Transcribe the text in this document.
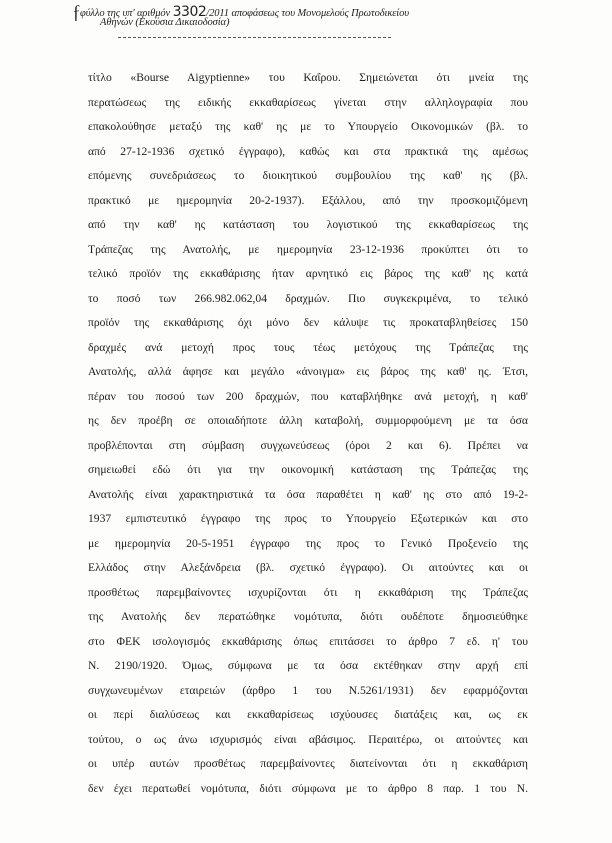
ƒ
φύλλο της υπ' αριθμόν 3302/2011 αποφάσεως του Μονομελούς Πρωτοδικείου
Αθηνών (Εκούσια Δικαιοδοσία)
τίτλο «Bourse Aigyptienne» του Καΐρου. Σημειώνεται ότι μνεία της
περατώσεως της ειδικής εκκαθαρίσεως γίνεται στην αλληλογραφία που
επακολούθησε μεταξύ της καθ' ης με το Υπουργείο Οικονομικών (βλ. το
από 27-12-1936 σχετικό έγγραφο), καθώς και στα πρακτικά της αμέσως
επόμενης συνεδριάσεως το διοικητικού συμβουλίου της καθ' ης (βλ.
πρακτικό με ημερομηνία 20-2-1937). Εξάλλου, από την προσκομιζόμενη
από την καθ' ης κατάσταση του λογιστικού της εκκαθαρίσεως της
Τράπεζας της Ανατολής, με ημερομηνία 23-12-1936 προκύπτει ότι το
τελικό προϊόν της εκκαθάρισης ήταν αρνητικό εις βάρος της καθ' ης κατά
το ποσό των 266.982.062,04 δραχμών. Πιο συγκεκριμένα, το τελικό
προϊόν της εκκαθάρισης όχι μόνο δεν κάλυψε τις προκαταβληθείσες 150
δραχμές ανά μετοχή προς τους τέως μετόχους της Τράπεζας της
Ανατολής, αλλά άφησε και μεγάλο «άνοιγμα» εις βάρος της καθ' ης. Έτσι,
πέραν του ποσού των 200 δραχμών, που καταβλήθηκε ανά μετοχή, η καθ'
ης δεν προέβη σε οποιαδήποτε άλλη καταβολή, συμμορφούμενη με τα όσα
προβλέπονται στη σύμβαση συγχωνεύσεως (όροι 2 και 6). Πρέπει να
σημειωθεί εδώ ότι για την οικονομική κατάσταση της Τράπεζας της
Ανατολής είναι χαρακτηριστικά τα όσα παραθέτει η καθ' ης στο από 19-2-
1937 εμπιστευτικό έγγραφο της προς το Υπουργείο Εξωτερικών και στο
με ημερομηνία 20-5-1951 έγγραφο της προς το Γενικό Προξενείο της
Ελλάδος στην Αλεξάνδρεια (βλ. σχετικό έγγραφο). Οι αιτούντες και οι
προσθέτως παρεμβαίνοντες ισχυρίζονται ότι η εκκαθάριση της Τράπεζας
της Ανατολής δεν περατώθηκε νομότυπα, διότι ουδέποτε δημοσιεύθηκε
στο ΦΕΚ ισολογισμός εκκαθάρισης όπως επιτάσσει το άρθρο 7 εδ. η' του
Ν. 2190/1920. Όμως, σύμφωνα με τα όσα εκτέθηκαν στην αρχή επί
συγχωνευμένων εταιρειών (άρθρο 1 του Ν.5261/1931) δεν εφαρμόζονται
οι περί διαλύσεως και εκκαθαρίσεως ισχύουσες διατάξεις και, ως εκ
τούτου, ο ως άνω ισχυρισμός είναι αβάσιμος. Περαιτέρω, οι αιτούντες και
οι υπέρ αυτών προσθέτως παρεμβαίνοντες διατείνονται ότι η εκκαθάριση
δεν έχει περατωθεί νομότυπα, διότι σύμφωνα με το άρθρο 8 παρ. 1 του Ν.
